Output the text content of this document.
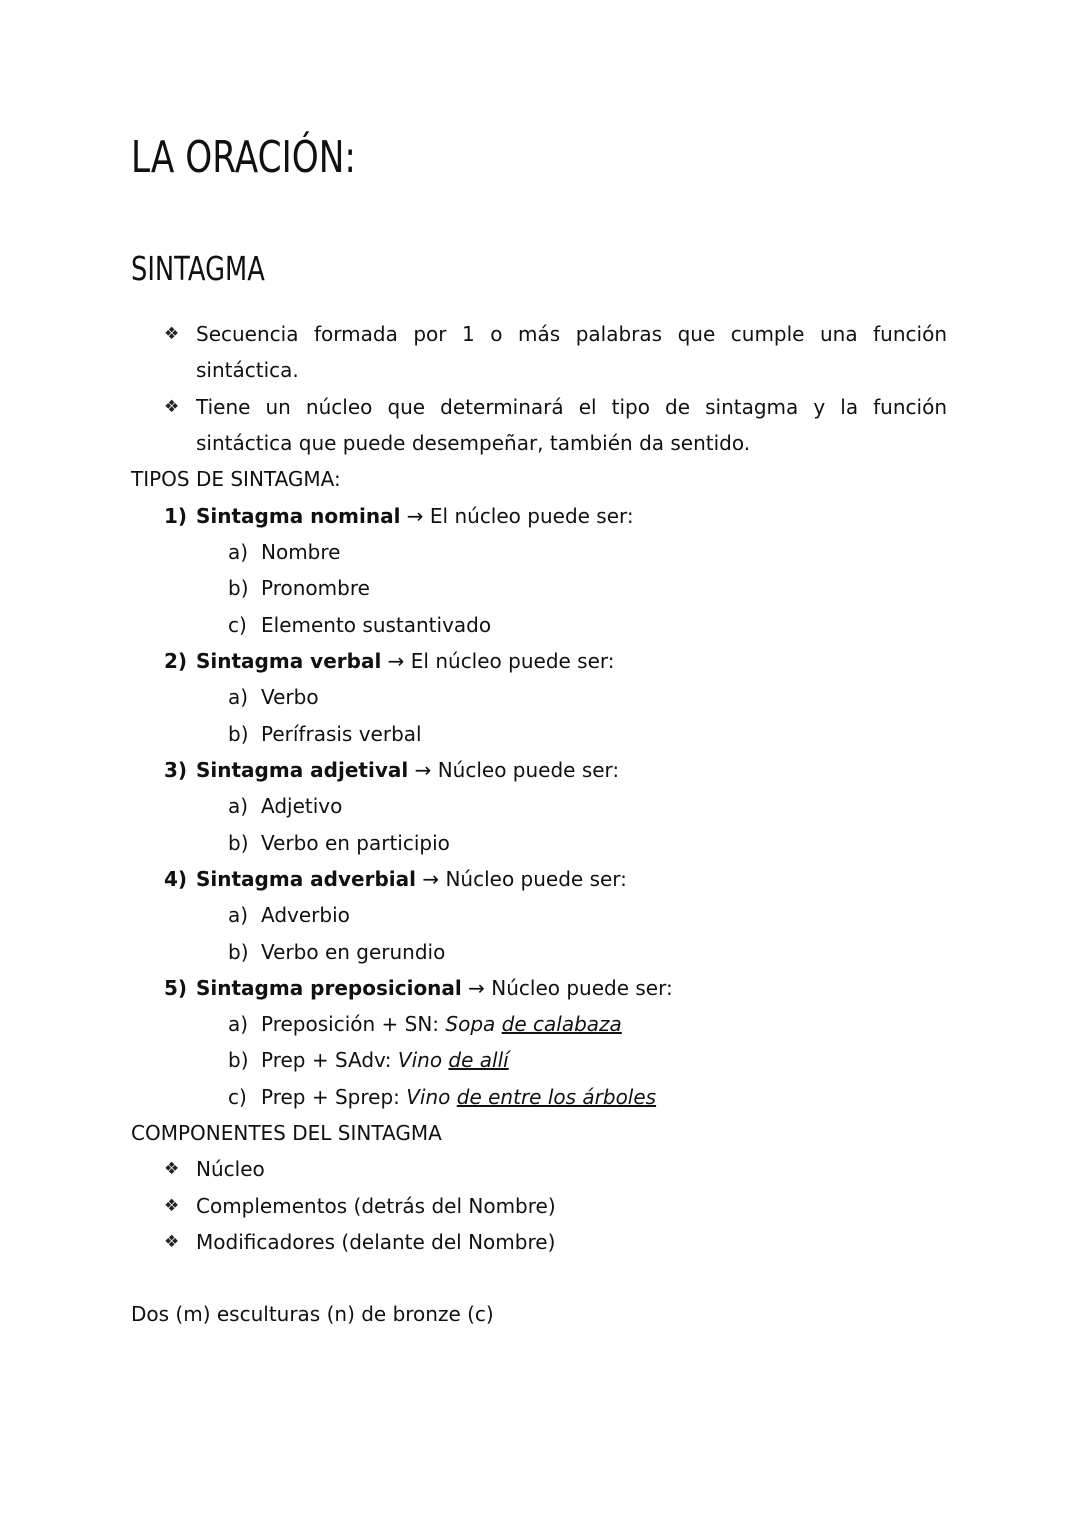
LA ORACIÓN:
SINTAGMA
❖ Secuencia formada por 1 o más palabras que cumple una función
sintáctica.
❖ Tiene un núcleo que determinará el tipo de sintagma y la función
sintáctica que puede desempeñar, también da sentido.
TIPOS DE SINTAGMA:
1) Sintagma nominal → El núcleo puede ser:
a) Nombre
b) Pronombre
c) Elemento sustantivado
2) Sintagma verbal → El núcleo puede ser:
a) Verbo
b) Perífrasis verbal
3) Sintagma adjetival → Núcleo puede ser:
a) Adjetivo
b) Verbo en participio
4) Sintagma adverbial → Núcleo puede ser:
a) Adverbio
b) Verbo en gerundio
5) Sintagma preposicional → Núcleo puede ser:
a) Preposición + SN: Sopa de calabaza
b) Prep + SAdv: Vino de allí
c) Prep + Sprep: Vino de entre los árboles
COMPONENTES DEL SINTAGMA
❖ Núcleo
❖ Complementos (detrás del Nombre)
❖ Modificadores (delante del Nombre)
Dos (m) esculturas (n) de bronze (c)
